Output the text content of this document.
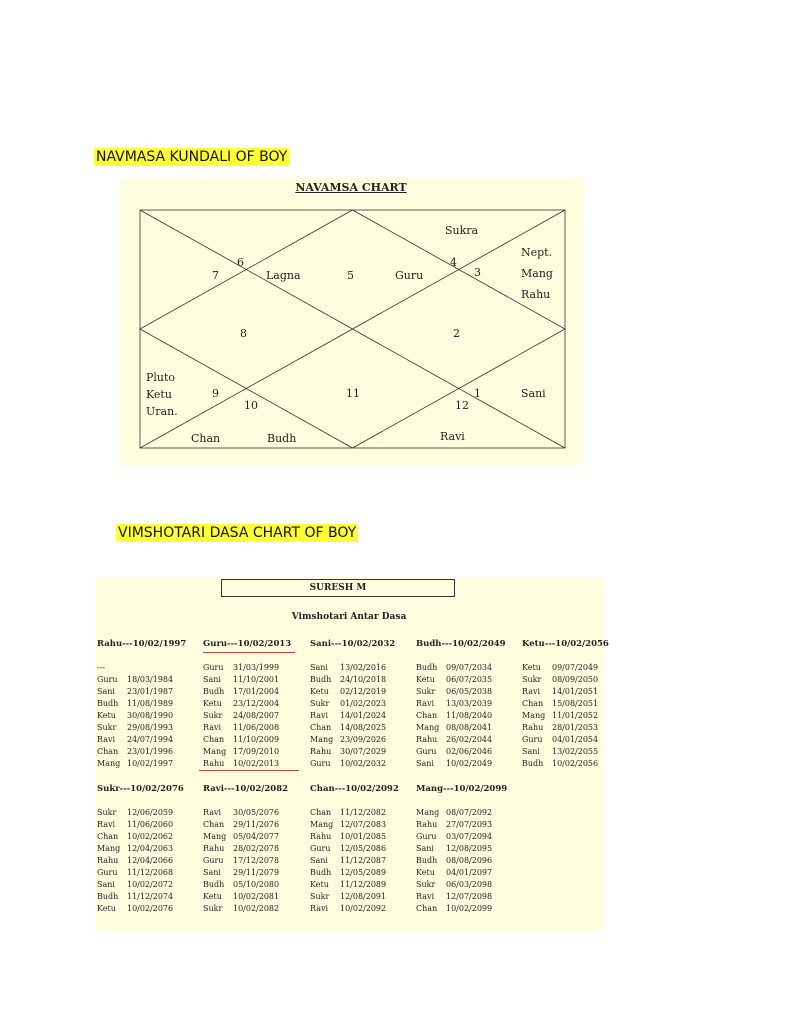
NAVMASA KUNDALI OF BOY
NAVAMSA CHART
6
7	5
4
3
8	2
9
10
11	1
12
Sukra
Nept.
Mang
Rahu
Lagna	Guru
Pluto
Ketu
Uran.
Sani
Chan	Budh	Ravi
VIMSHOTARI DASA CHART OF BOY
SURESH M
Vimshotari Antar Dasa
Rahu---10/02/1997
---
Guru	18/03/1984
Sani	23/01/1987
Budh	11/08/1989
Ketu	30/08/1990
Sukr	29/08/1993
Ravi	24/07/1994
Chan	23/01/1996
Mang 10/02/1997
Guru---10/02/2013
Guru	31/03/1999
Sani	11/10/2001
Budh	17/01/2004
Ketu	23/12/2004
Sukr	24/08/2007
Ravi	11/06/2008
Chan	11/10/2009
Mang 17/09/2010
Rahu	10/02/2013
Sani---10/02/2032
Sani	13/02/2016
Budh	24/10/2018
Ketu	02/12/2019
Sukr	01/02/2023
Ravi	14/01/2024
Chan	14/08/2025
Mang 23/09/2026
Rahu	30/07/2029
Guru	10/02/2032
Budh---10/02/2049
Budh	09/07/2034
Ketu	06/07/2035
Sukr	06/05/2038
Ravi	13/03/2039
Chan	11/08/2040
Mang 08/08/2041
Rahu	26/02/2044
Guru	02/06/2046
Sani	10/02/2049
Ketu---10/02/2056
Ketu	09/07/2049
Sukr	08/09/2050
Ravi	14/01/2051
Chan	15/08/2051
Mang 11/01/2052
Rahu	28/01/2053
Guru	04/01/2054
Sani	13/02/2055
Budh	10/02/2056
Sukr---10/02/2076
Sukr	12/06/2059
Ravi	11/06/2060
Chan	10/02/2062
Mang 12/04/2063
Rahu	12/04/2066
Guru	11/12/2068
Sani	10/02/2072
Budh	11/12/2074
Ketu	10/02/2076
Ravi---10/02/2082
Ravi	30/05/2076
Chan	29/11/2076
Mang 05/04/2077
Rahu	28/02/2078
Guru	17/12/2078
Sani	29/11/2079
Budh	05/10/2080
Ketu	10/02/2081
Sukr	10/02/2082
Chan---10/02/2092
Chan	11/12/2082
Mang 12/07/2083
Rahu	10/01/2085
Guru	12/05/2086
Sani	11/12/2087
Budh	12/05/2089
Ketu	11/12/2089
Sukr	12/08/2091
Ravi	10/02/2092
Mang---10/02/2099
Mang 08/07/2092
Rahu	27/07/2093
Guru	03/07/2094
Sani	12/08/2095
Budh	08/08/2096
Ketu	04/01/2097
Sukr	06/03/2098
Ravi	12/07/2098
Chan	10/02/2099
